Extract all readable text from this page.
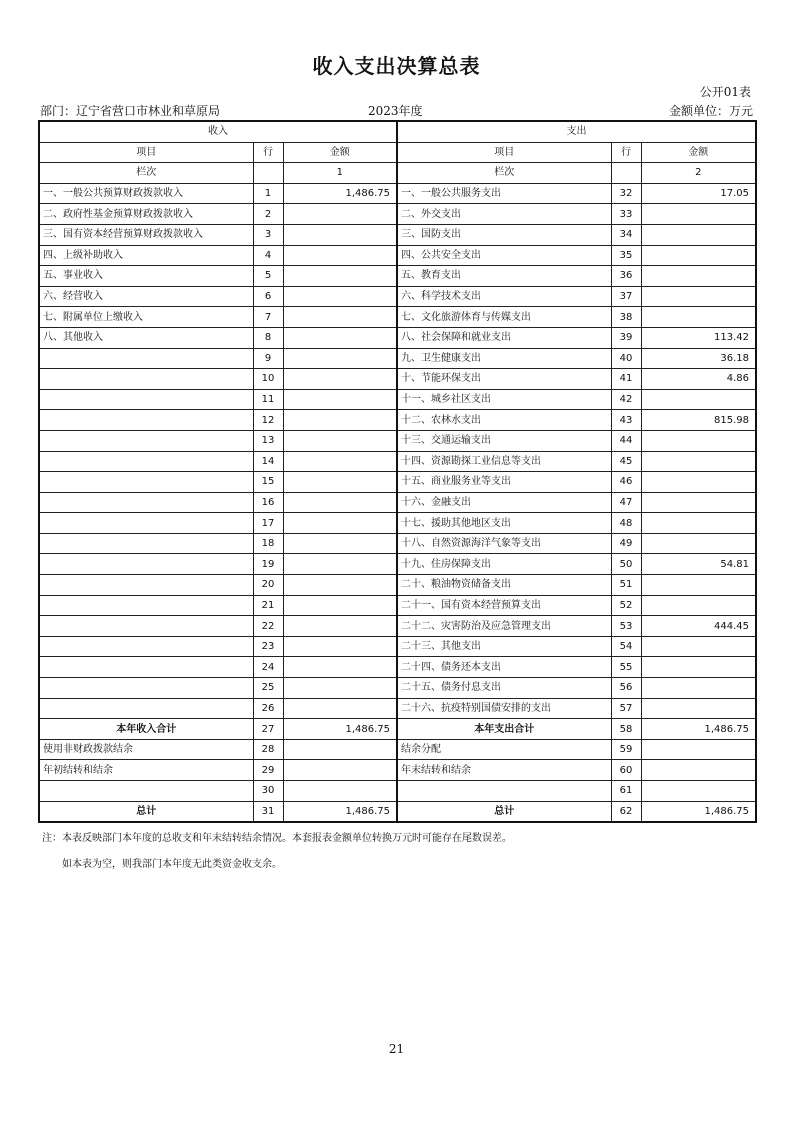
收入支出决算总表
公开01表
部门：辽宁省营口市林业和草原局	2023年度	金额单位：万元
收入			支出		
项目	行	金额	项目	行	金额
栏次		1	栏次		2
一、一般公共预算财政拨款收入	1	1,486.75	一、一般公共服务支出	32	17.05
二、政府性基金预算财政拨款收入	2		二、外交支出	33	
三、国有资本经营预算财政拨款收入	3		三、国防支出	34	
四、上级补助收入	4		四、公共安全支出	35	
五、事业收入	5		五、教育支出	36	
六、经营收入	6		六、科学技术支出	37	
七、附属单位上缴收入	7		七、文化旅游体育与传媒支出	38	
八、其他收入	8		八、社会保障和就业支出	39	113.42
	9		九、卫生健康支出	40	36.18
	10		十、节能环保支出	41	4.86
	11		十一、城乡社区支出	42	
	12		十二、农林水支出	43	815.98
	13		十三、交通运输支出	44	
	14		十四、资源勘探工业信息等支出	45	
	15		十五、商业服务业等支出	46	
	16		十六、金融支出	47	
	17		十七、援助其他地区支出	48	
	18		十八、自然资源海洋气象等支出	49	
	19		十九、住房保障支出	50	54.81
	20		二十、粮油物资储备支出	51	
	21		二十一、国有资本经营预算支出	52	
	22		二十二、灾害防治及应急管理支出	53	444.45
	23		二十三、其他支出	54	
	24		二十四、债务还本支出	55	
	25		二十五、债务付息支出	56	
	26		二十六、抗疫特别国债安排的支出	57	
本年收入合计	27	1,486.75	本年支出合计	58	1,486.75
使用非财政拨款结余	28		结余分配	59	
年初结转和结余	29		年末结转和结余	60	
	30			61	
总计	31	1,486.75	总计	62	1,486.75
注：本表反映部门本年度的总收支和年末结转结余情况。本套报表金额单位转换万元时可能存在尾数误差。
如本表为空，则我部门本年度无此类资金收支余。
21
